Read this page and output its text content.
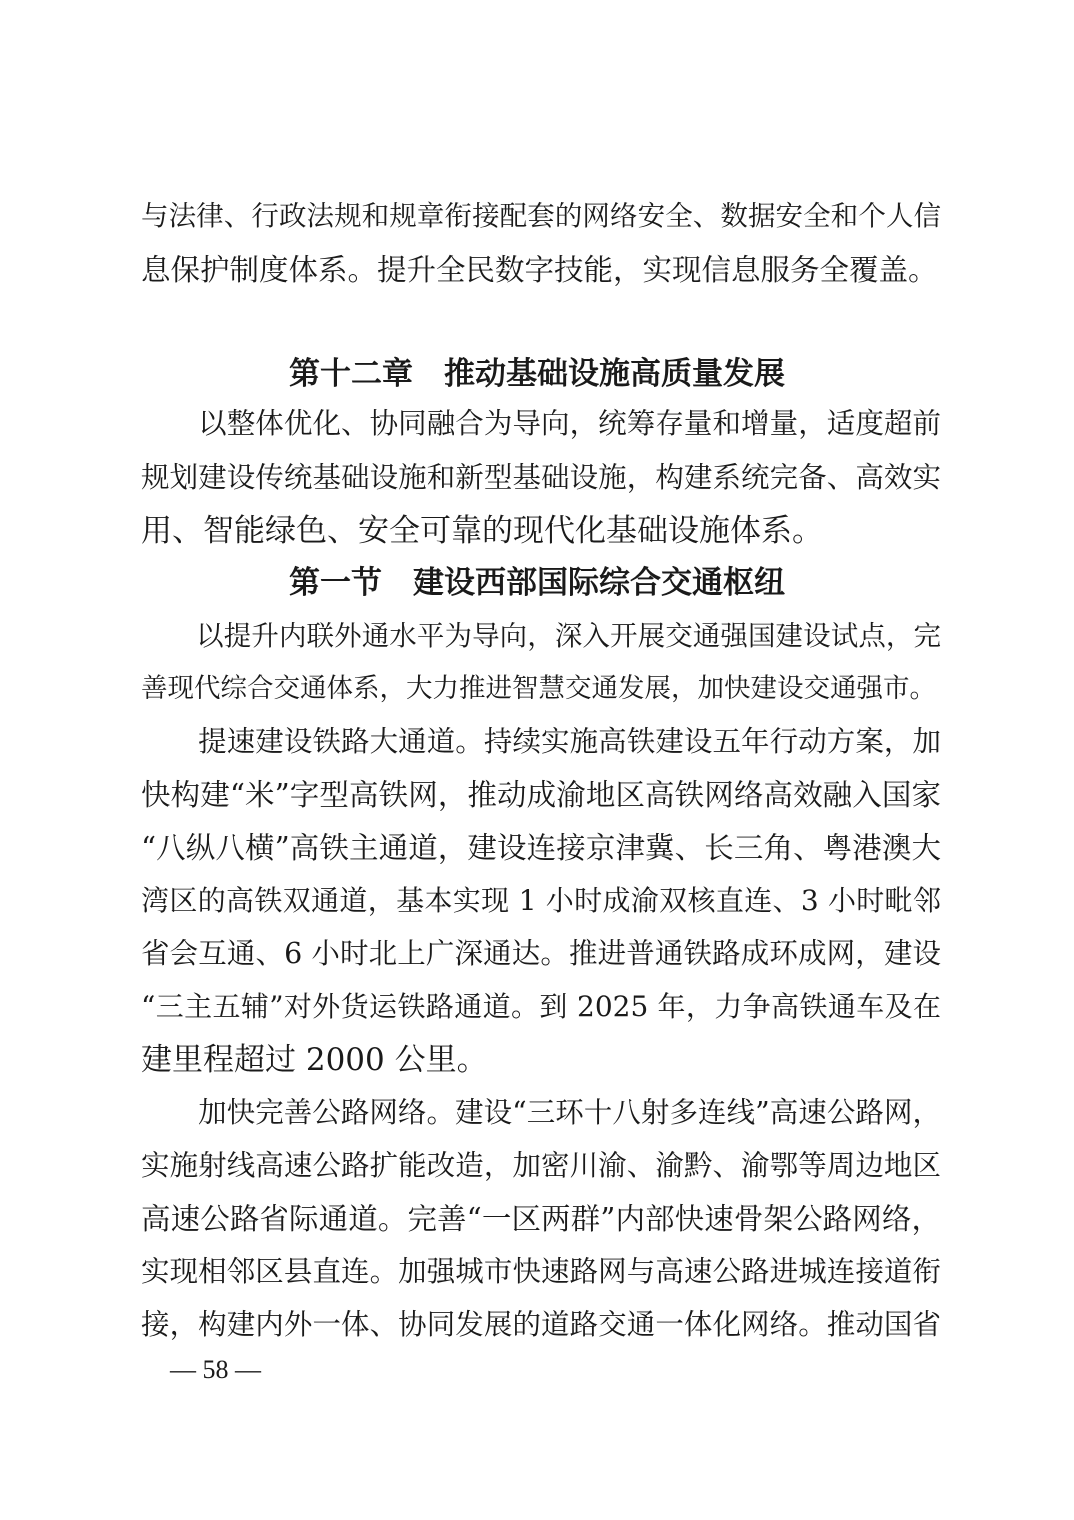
与法律、行政法规和规章衔接配套的网络安全、数据安全和个人信
息保护制度体系。提升全民数字技能，实现信息服务全覆盖。
第十二章　推动基础设施高质量发展
　　以整体优化、协同融合为导向，统筹存量和增量，适度超前
规划建设传统基础设施和新型基础设施，构建系统完备、高效实
用、智能绿色、安全可靠的现代化基础设施体系。
第一节　建设西部国际综合交通枢纽
　　以提升内联外通水平为导向，深入开展交通强国建设试点，完
善现代综合交通体系，大力推进智慧交通发展，加快建设交通强市。
　　提速建设铁路大通道。持续实施高铁建设五年行动方案，加
快构建“米”字型高铁网，推动成渝地区高铁网络高效融入国家
“八纵八横”高铁主通道，建设连接京津冀、长三角、粤港澳大
湾区的高铁双通道，基本实现 1 小时成渝双核直连、3 小时毗邻
省会互通、6 小时北上广深通达。推进普通铁路成环成网，建设
“三主五辅”对外货运铁路通道。到 2025 年，力争高铁通车及在
建里程超过 2000 公里。
　　加快完善公路网络。建设“三环十八射多连线”高速公路网，
实施射线高速公路扩能改造，加密川渝、渝黔、渝鄂等周边地区
高速公路省际通道。完善“一区两群”内部快速骨架公路网络，
实现相邻区县直连。加强城市快速路网与高速公路进城连接道衔
接，构建内外一体、协同发展的道路交通一体化网络。推动国省
— 58 —
